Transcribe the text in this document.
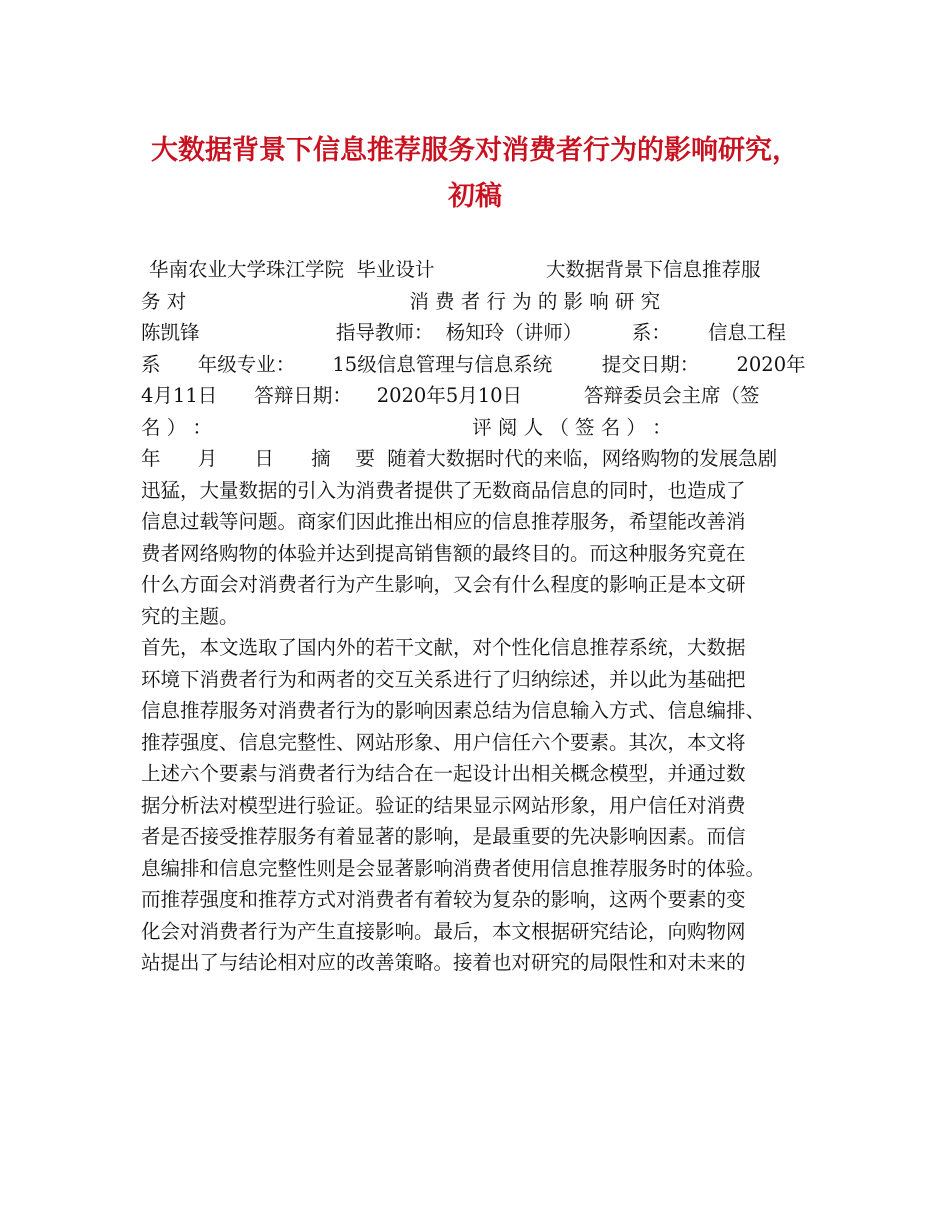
大数据背景下信息推荐服务对消费者行为的影响研究，
初稿
华南农业大学珠江学院  毕业设计                  大数据背景下信息推荐服
务 对                                    消 费 者 行 为 的 影 响 研 究
陈凯锋                      指导教师：  杨知玲（讲师）        系：      信息工程
系      年级专业：      15级信息管理与信息系统        提交日期：      2020年
4月11日      答辩日期：    2020年5月10日          答辩委员会主席（签
名 ） ：                                          评 阅 人 （ 签 名 ） ：
年      月      日      摘    要  随着大数据时代的来临，网络购物的发展急剧
迅猛，大量数据的引入为消费者提供了无数商品信息的同时，也造成了
信息过载等问题。商家们因此推出相应的信息推荐服务，希望能改善消
费者网络购物的体验并达到提高销售额的最终目的。而这种服务究竟在
什么方面会对消费者行为产生影响，又会有什么程度的影响正是本文研
究的主题。
首先，本文选取了国内外的若干文献，对个性化信息推荐系统，大数据
环境下消费者行为和两者的交互关系进行了归纳综述，并以此为基础把
信息推荐服务对消费者行为的影响因素总结为信息输入方式、信息编排、
推荐强度、信息完整性、网站形象、用户信任六个要素。其次，本文将
上述六个要素与消费者行为结合在一起设计出相关概念模型，并通过数
据分析法对模型进行验证。验证的结果显示网站形象，用户信任对消费
者是否接受推荐服务有着显著的影响，是最重要的先决影响因素。而信
息编排和信息完整性则是会显著影响消费者使用信息推荐服务时的体验。
而推荐强度和推荐方式对消费者有着较为复杂的影响，这两个要素的变
化会对消费者行为产生直接影响。最后，本文根据研究结论，向购物网
站提出了与结论相对应的改善策略。接着也对研究的局限性和对未来的
